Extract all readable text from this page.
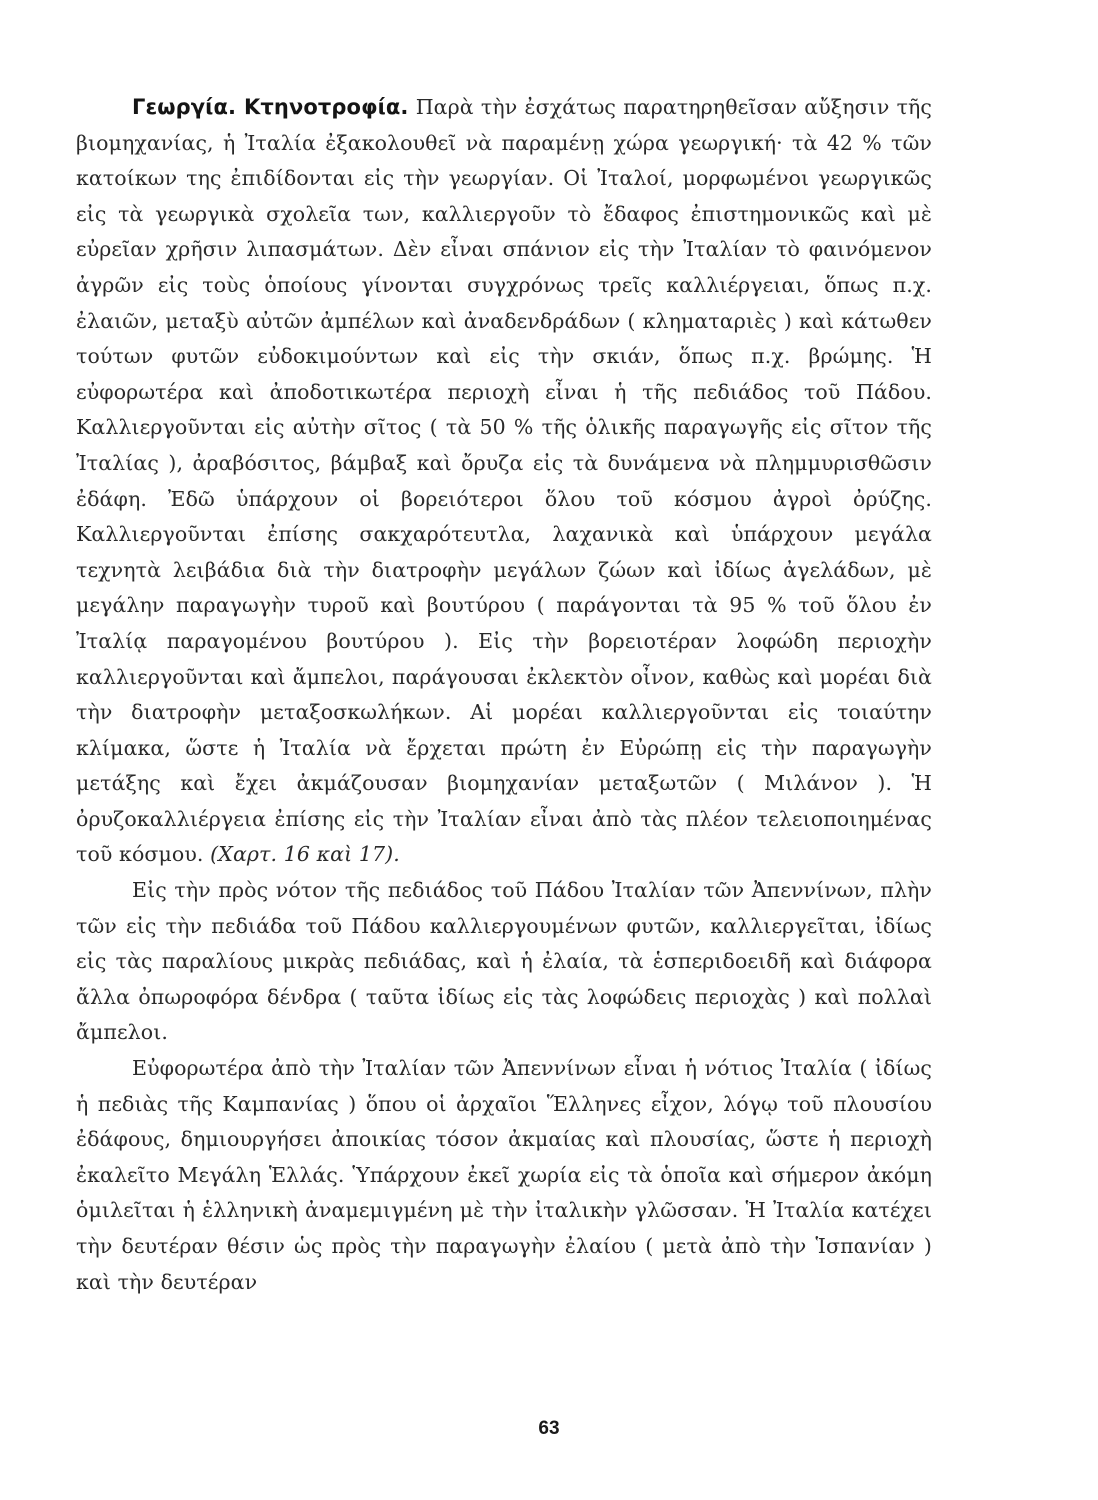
Γεωργία. Κτηνοτροφία. Παρὰ τὴν ἐσχάτως παρατηρηθεῖσαν αὔξησιν τῆς βιομηχανίας, ἡ Ἰταλία ἐξακολουθεῖ νὰ παραμένῃ χώρα γεωργική· τὰ 42 % τῶν κατοίκων της ἐπιδίδονται εἰς τὴν γεωργίαν. Οἱ Ἰταλοί, μορφωμένοι γεωργικῶς εἰς τὰ γεωργικὰ σχολεῖα των, καλλιεργοῦν τὸ ἔδαφος ἐπιστημονικῶς καὶ μὲ εὐρεῖαν χρῆσιν λιπασμάτων. Δὲν εἶναι σπάνιον εἰς τὴν Ἰταλίαν τὸ φαινόμενον ἀγρῶν εἰς τοὺς ὁποίους γίνονται συγχρόνως τρεῖς καλλιέργειαι, ὅπως π.χ. ἐλαιῶν, μεταξὺ αὐτῶν ἀμπέλων καὶ ἀναδενδράδων ( κληματαριὲς ) καὶ κάτωθεν τούτων φυτῶν εὐδοκιμούντων καὶ εἰς τὴν σκιάν, ὅπως π.χ. βρώμης. Ἡ εὐφορωτέρα καὶ ἀποδοτικωτέρα περιοχὴ εἶναι ἡ τῆς πεδιάδος τοῦ Πάδου. Καλλιεργοῦνται εἰς αὐτὴν σῖτος ( τὰ 50 % τῆς ὁλικῆς παραγωγῆς εἰς σῖτον τῆς Ἰταλίας ), ἀραβόσιτος, βάμβαξ καὶ ὄρυζα εἰς τὰ δυνάμενα νὰ πλημμυρισθῶσιν ἐδάφη. Ἐδῶ ὑπάρχουν οἱ βορειότεροι ὅλου τοῦ κόσμου ἀγροὶ ὀρύζης. Καλλιεργοῦνται ἐπίσης σακχαρότευτλα, λαχανικὰ καὶ ὑπάρχουν μεγάλα τεχνητὰ λειβάδια διὰ τὴν διατροφὴν μεγάλων ζώων καὶ ἰδίως ἀγελάδων, μὲ μεγάλην παραγωγὴν τυροῦ καὶ βουτύρου ( παράγονται τὰ 95 % τοῦ ὅλου ἐν Ἰταλίᾳ παραγομένου βουτύρου ). Εἰς τὴν βορειοτέραν λοφώδη περιοχὴν καλλιεργοῦνται καὶ ἄμπελοι, παράγουσαι ἐκλεκτὸν οἶνον, καθὼς καὶ μορέαι διὰ τὴν διατροφὴν μεταξοσκωλήκων. Αἱ μορέαι καλλιεργοῦνται εἰς τοιαύτην κλίμακα, ὥστε ἡ Ἰταλία νὰ ἔρχεται πρώτη ἐν Εὐρώπῃ εἰς τὴν παραγωγὴν μετάξης καὶ ἔχει ἀκμάζουσαν βιομηχανίαν μεταξωτῶν ( Μιλάνον ). Ἡ ὀρυζοκαλλιέργεια ἐπίσης εἰς τὴν Ἰταλίαν εἶναι ἀπὸ τὰς πλέον τελειοποιημένας τοῦ κόσμου. (Χαρτ. 16 καὶ 17).

Εἰς τὴν πρὸς νότον τῆς πεδιάδος τοῦ Πάδου Ἰταλίαν τῶν Ἀπεννίνων, πλὴν τῶν εἰς τὴν πεδιάδα τοῦ Πάδου καλλιεργουμένων φυτῶν, καλλιεργεῖται, ἰδίως εἰς τὰς παραλίους μικρὰς πεδιάδας, καὶ ἡ ἐλαία, τὰ ἑσπεριδοειδῆ καὶ διάφορα ἄλλα ὀπωροφόρα δένδρα ( ταῦτα ἰδίως εἰς τὰς λοφώδεις περιοχὰς ) καὶ πολλαὶ ἄμπελοι.

Εὐφορωτέρα ἀπὸ τὴν Ἰταλίαν τῶν Ἀπεννίνων εἶναι ἡ νότιος Ἰταλία ( ἰδίως ἡ πεδιὰς τῆς Καμπανίας ) ὅπου οἱ ἀρχαῖοι Ἕλληνες εἶχον, λόγῳ τοῦ πλουσίου ἐδάφους, δημιουργήσει ἀποικίας τόσον ἀκμαίας καὶ πλουσίας, ὥστε ἡ περιοχὴ ἐκαλεῖτο Μεγάλη Ἑλλάς. Ὑπάρχουν ἐκεῖ χωρία εἰς τὰ ὁποῖα καὶ σήμερον ἀκόμη ὁμιλεῖται ἡ ἑλληνικὴ ἀναμεμιγμένη μὲ τὴν ἰταλικὴν γλῶσσαν. Ἡ Ἰταλία κατέχει τὴν δευτέραν θέσιν ὡς πρὸς τὴν παραγωγὴν ἐλαίου ( μετὰ ἀπὸ τὴν Ἱσπανίαν ) καὶ τὴν δευτέραν

63
